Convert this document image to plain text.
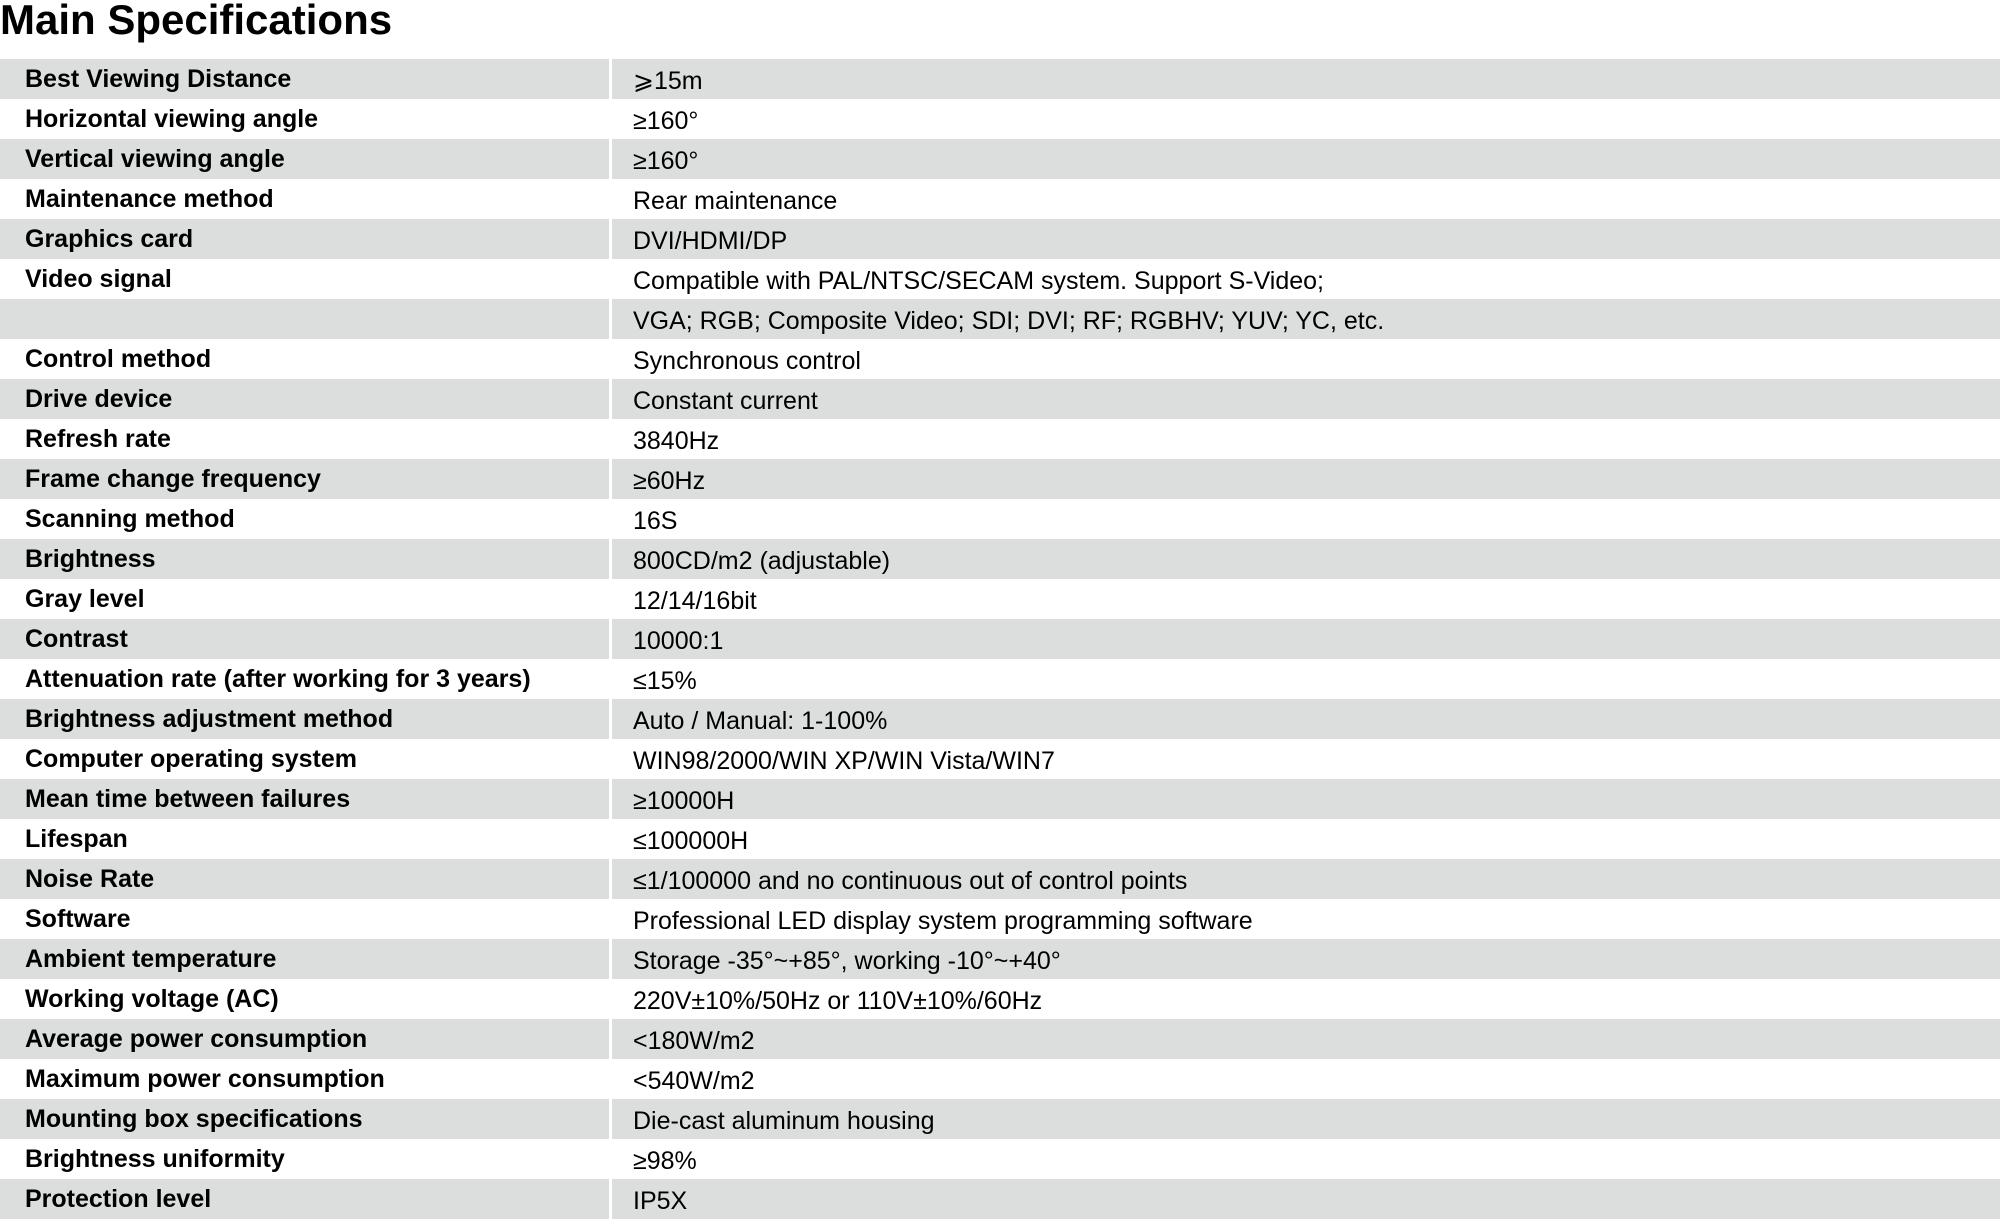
Main Specifications
Best Viewing Distance	⩾15m
Horizontal viewing angle	≥160°
Vertical viewing angle	≥160°
Maintenance method	Rear maintenance
Graphics card	DVI/HDMI/DP
Video signal	Compatible with PAL/NTSC/SECAM system. Support S-Video;
VGA; RGB; Composite Video; SDI; DVI; RF; RGBHV; YUV; YC, etc.
Control method	Synchronous control
Drive device	Constant current
Refresh rate	3840Hz
Frame change frequency	≥60Hz
Scanning method	16S
Brightness	800CD/m2 (adjustable)
Gray level	12/14/16bit
Contrast	10000:1
Attenuation rate (after working for 3 years)	≤15%
Brightness adjustment method	Auto / Manual: 1-100%
Computer operating system	WIN98/2000/WIN XP/WIN Vista/WIN7
Mean time between failures	≥10000H
Lifespan	≤100000H
Noise Rate	≤1/100000 and no continuous out of control points
Software	Professional LED display system programming software
Ambient temperature	Storage -35°~+85°, working -10°~+40°
Working voltage (AC)	220V±10%/50Hz or 110V±10%/60Hz
Average power consumption	<180W/m2
Maximum power consumption	<540W/m2
Mounting box specifications	Die-cast aluminum housing
Brightness uniformity	≥98%
Protection level	IP5X
